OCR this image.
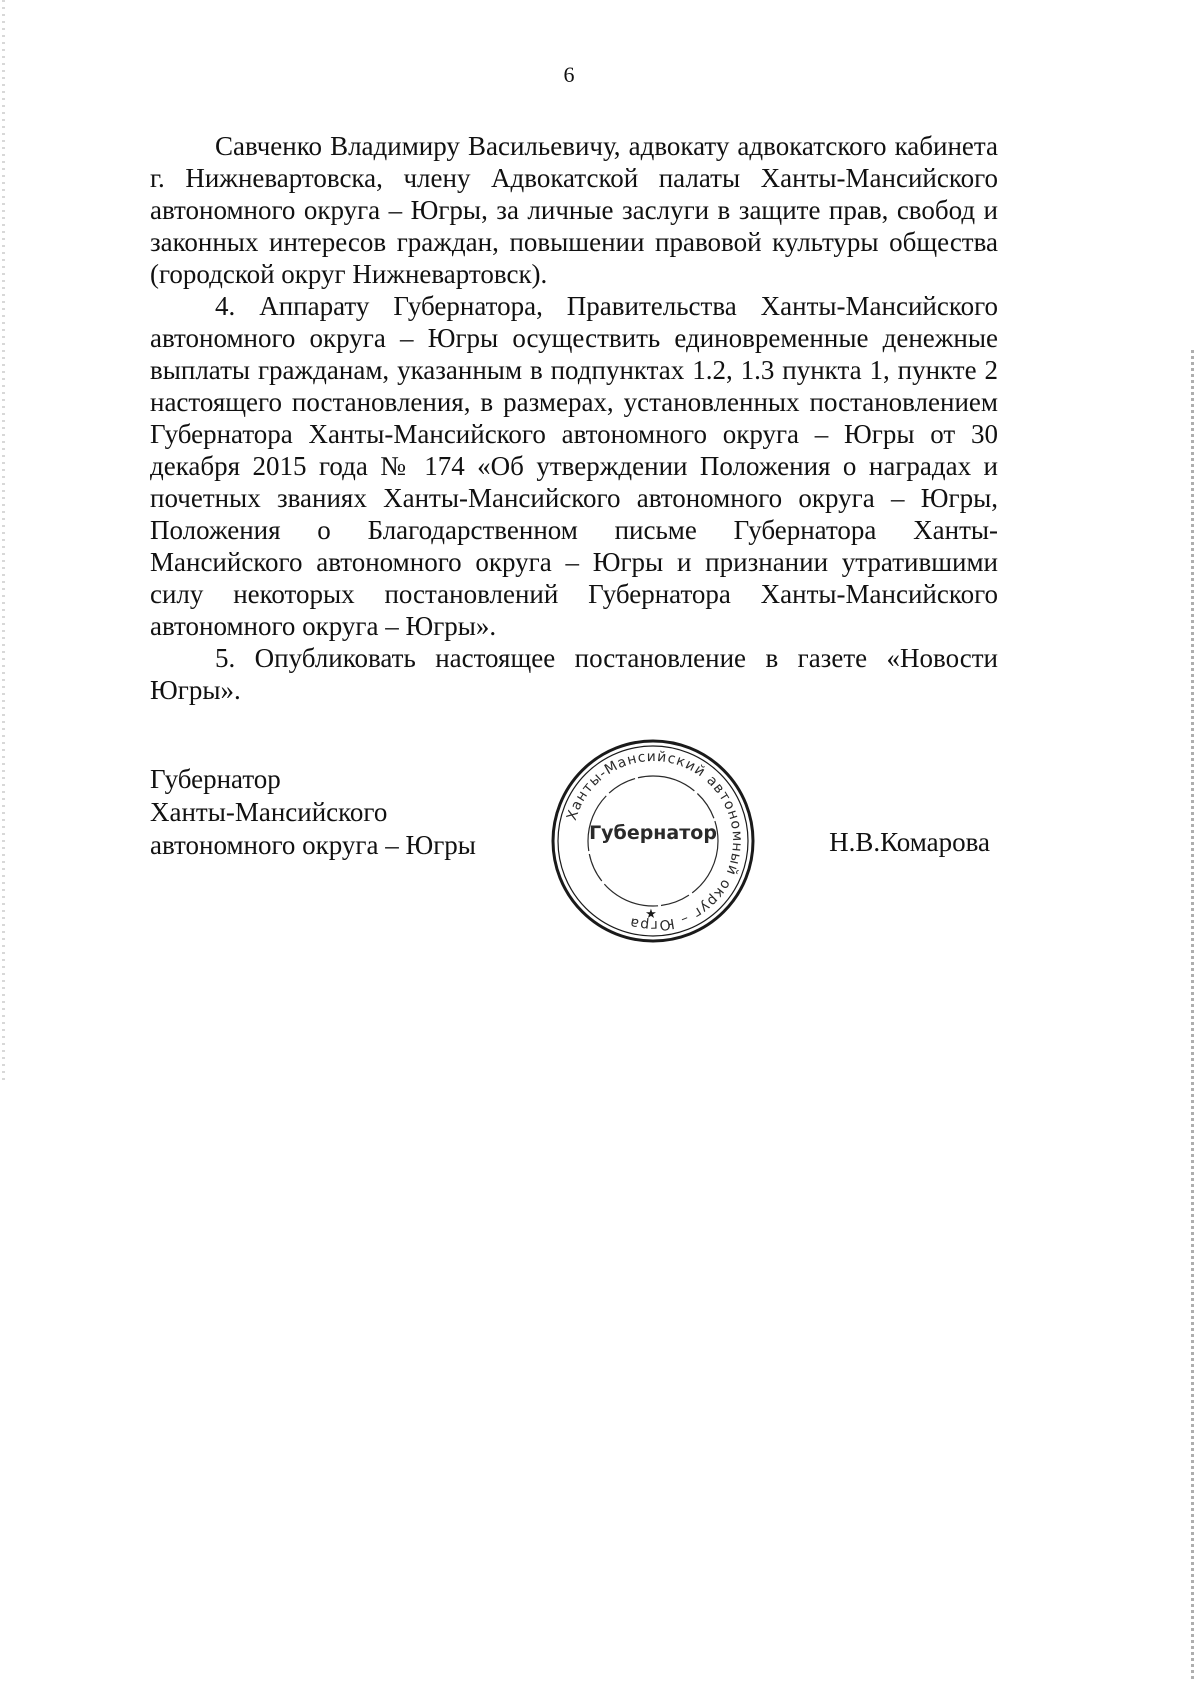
6

Савченко Владимиру Васильевичу, адвокату адвокатского кабинета г. Нижневартовска, члену Адвокатской палаты Ханты-Мансийского автономного округа – Югры, за личные заслуги в защите прав, свобод и законных интересов граждан, повышении правовой культуры общества (городской округ Нижневартовск).

4. Аппарату Губернатора, Правительства Ханты-Мансийского автономного округа – Югры осуществить единовременные денежные выплаты гражданам, указанным в подпунктах 1.2, 1.3 пункта 1, пункте 2 настоящего постановления, в размерах, установленных постановлением Губернатора Ханты-Мансийского автономного округа – Югры от 30 декабря 2015 года № 174 «Об утверждении Положения о наградах и почетных званиях Ханты-Мансийского автономного округа – Югры, Положения о Благодарственном письме Губернатора Ханты-Мансийского автономного округа – Югры и признании утратившими силу некоторых постановлений Губернатора Ханты-Мансийского автономного округа – Югры».

5. Опубликовать настоящее постановление в газете «Новости Югры».

Губернатор
Ханты-Мансийского
автономного округа – Югры
Ханты-Мансийский автономный округ – Югра
Губернатор
★
Н.В.Комарова
